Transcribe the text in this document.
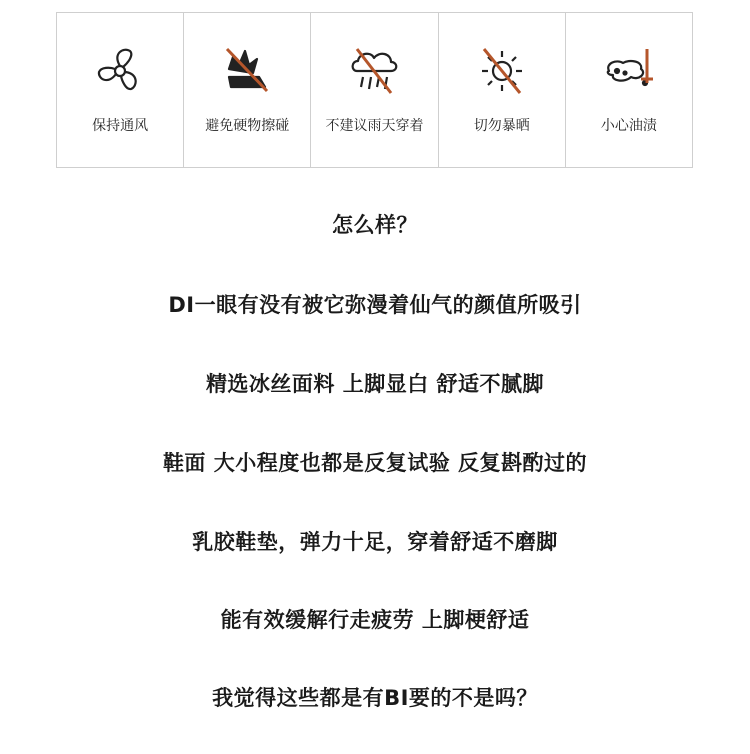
保持通风	避免硬物擦碰	不建议雨天穿着	切勿暴晒	小心油渍
怎么样？
DI一眼有没有被它弥漫着仙气的颜值所吸引
精选冰丝面料 上脚显白 舒适不腻脚
鞋面 大小程度也都是反复试验 反复斟酌过的
乳胶鞋垫，弹力十足，穿着舒适不磨脚
能有效缓解行走疲劳 上脚梗舒适
我觉得这些都是有BI要的不是吗？
